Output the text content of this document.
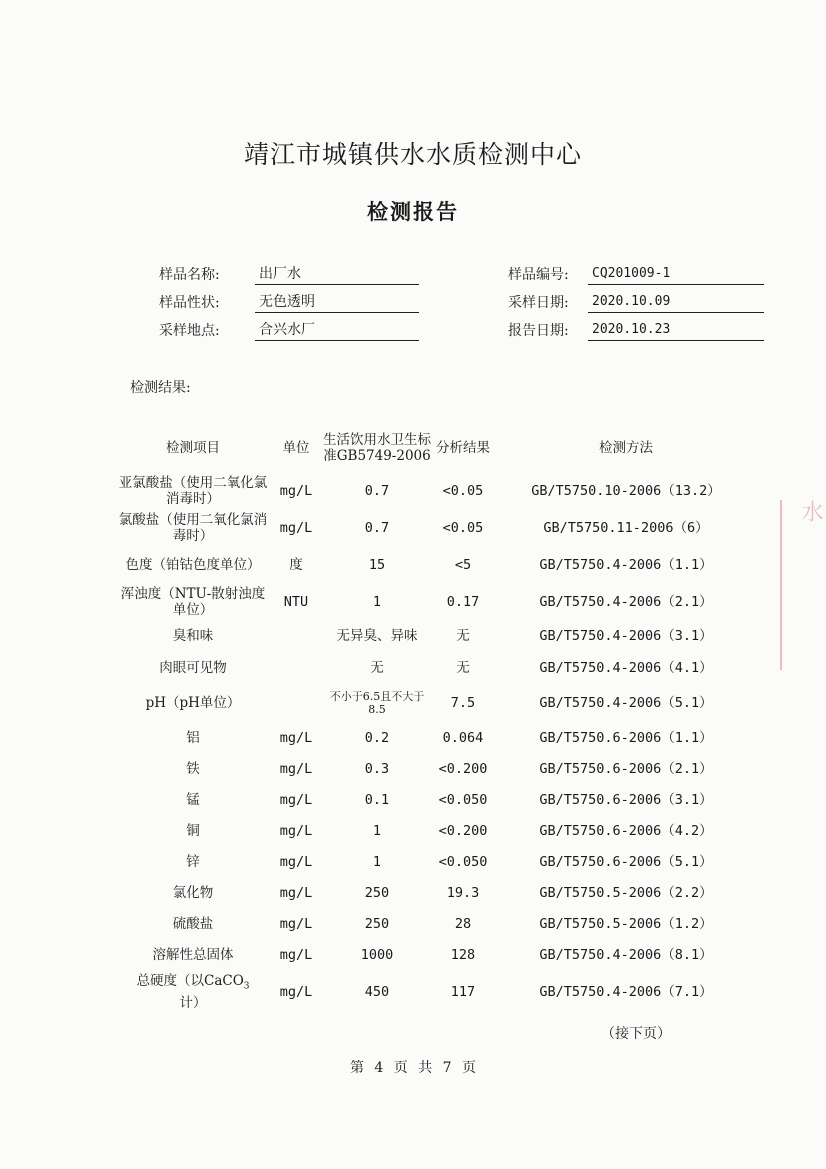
靖江市城镇供水水质检测中心
检测报告
样品名称:	出厂水
样品性状:	无色透明
采样地点:	合兴水厂
样品编号:	CQ201009-1
采样日期:	2020.10.09
报告日期:	2020.10.23
检测结果:
检测项目	单位	生活饮用水卫生标准GB5749-2006	分析结果	检测方法
亚氯酸盐（使用二氧化氯消毒时）	mg/L	0.7	<0.05	GB/T5750.10-2006（13.2）
氯酸盐（使用二氧化氯消毒时）	mg/L	0.7	<0.05	GB/T5750.11-2006（6）
色度（铂钴色度单位）	度	15	<5	GB/T5750.4-2006（1.1）
浑浊度（NTU-散射浊度单位）	NTU	1	0.17	GB/T5750.4-2006（2.1）
臭和味		无异臭、异味	无	GB/T5750.4-2006（3.1）
肉眼可见物		无	无	GB/T5750.4-2006（4.1）
pH（pH单位）		不小于6.5且不大于8.5	7.5	GB/T5750.4-2006（5.1）
铝	mg/L	0.2	0.064	GB/T5750.6-2006（1.1）
铁	mg/L	0.3	<0.200	GB/T5750.6-2006（2.1）
锰	mg/L	0.1	<0.050	GB/T5750.6-2006（3.1）
铜	mg/L	1	<0.200	GB/T5750.6-2006（4.2）
锌	mg/L	1	<0.050	GB/T5750.6-2006（5.1）
氯化物	mg/L	250	19.3	GB/T5750.5-2006（2.2）
硫酸盐	mg/L	250	28	GB/T5750.5-2006（1.2）
溶解性总固体	mg/L	1000	128	GB/T5750.4-2006（8.1）
总硬度（以CaCO$_3$
计）	mg/L	450	117	GB/T5750.4-2006（7.1）
（接下页）
第 4 页 共 7 页
水
